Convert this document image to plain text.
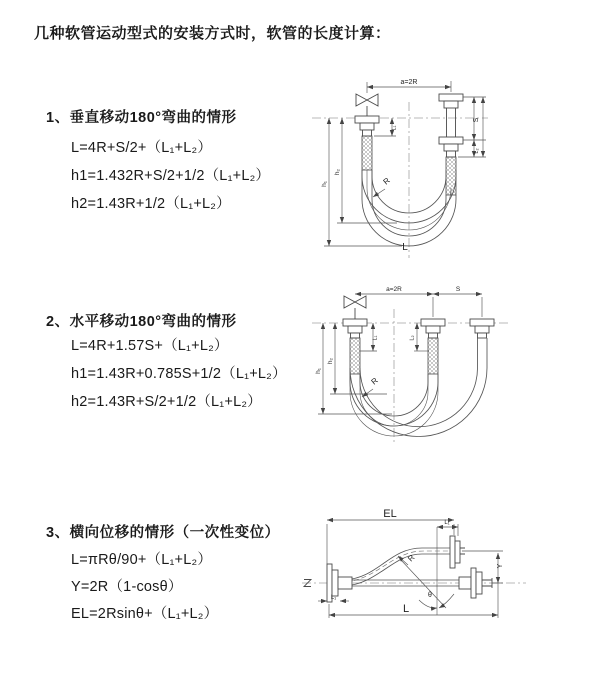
几种软管运动型式的安装方式时，软管的长度计算：
1、垂直移动180°弯曲的情形
L=4R+S/2+（L₁+L₂）
h1=1.432R+S/2+1/2（L₁+L₂）
h2=1.43R+1/2（L₁+L₂）
2、水平移动180°弯曲的情形
L=4R+1.57S+（L₁+L₂）
h1=1.43R+0.785S+1/2（L₁+L₂）
h2=1.43R+S/2+1/2（L₁+L₂）
3、横向位移的情形（一次性变位）
L=πRθ/90+（L₁+L₂）
Y=2R（1-cosθ）
EL=2Rsinθ+（L₁+L₂）
a=2R
h₁
h₂
L₁
S
L₂
R
L
a=2R	S
h₁
h₂
L₁	L₂
R
EL
L₁
Y
L
L₁	θ
R
